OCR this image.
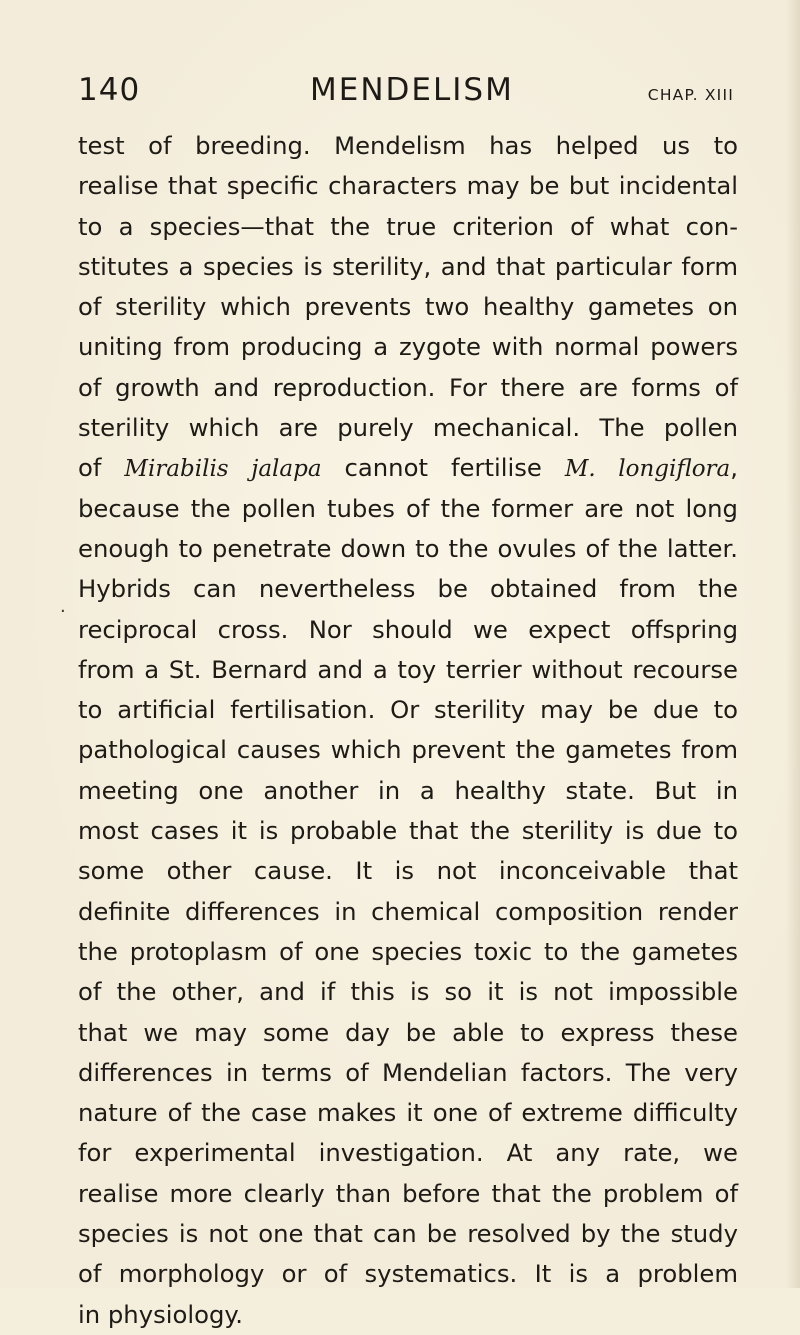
140	MENDELISM	CHAP. XIII
.
test of breeding. Mendelism has helped us to
realise that specific characters may be but incidental
to a species—that the true criterion of what con-
stitutes a species is sterility, and that particular form
of sterility which prevents two healthy gametes on
uniting from producing a zygote with normal powers
of growth and reproduction. For there are forms of
sterility which are purely mechanical. The pollen
of Mirabilis jalapa cannot fertilise M. longiflora,
because the pollen tubes of the former are not long
enough to penetrate down to the ovules of the latter.
Hybrids can nevertheless be obtained from the
reciprocal cross. Nor should we expect offspring
from a St. Bernard and a toy terrier without recourse
to artificial fertilisation. Or sterility may be due to
pathological causes which prevent the gametes from
meeting one another in a healthy state. But in
most cases it is probable that the sterility is due to
some other cause. It is not inconceivable that
definite differences in chemical composition render
the protoplasm of one species toxic to the gametes
of the other, and if this is so it is not impossible
that we may some day be able to express these
differences in terms of Mendelian factors. The very
nature of the case makes it one of extreme difficulty
for experimental investigation. At any rate, we
realise more clearly than before that the problem of
species is not one that can be resolved by the study
of morphology or of systematics. It is a problem
in physiology.
